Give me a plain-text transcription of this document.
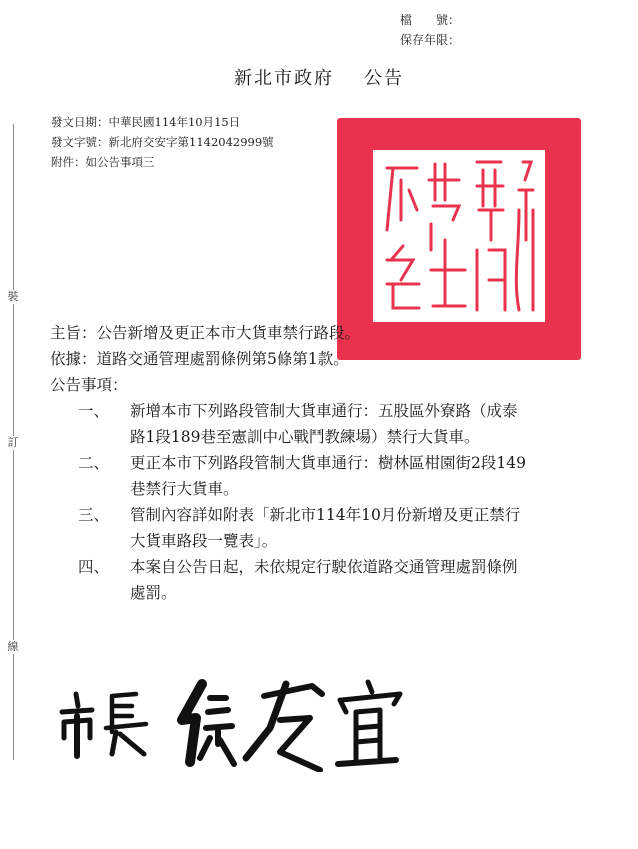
裝
訂
線
檔　　號：
保存年限：
新北市政府 公告
發文日期：中華民國114年10月15日
發文字號：新北府交安字第1142042999號
附件：如公告事項三
主旨：公告新增及更正本市大貨車禁行路段。
依據：道路交通管理處罰條例第5條第1款。
公告事項：
一、 新增本市下列路段管制大貨車通行：五股區外寮路（成泰
路1段189巷至憲訓中心戰鬥教練場）禁行大貨車。
二、 更正本市下列路段管制大貨車通行：樹林區柑園街2段149
巷禁行大貨車。
三、 管制內容詳如附表「新北市114年10月份新增及更正禁行
大貨車路段一覽表」。
四、 本案自公告日起，未依規定行駛依道路交通管理處罰條例
處罰。
